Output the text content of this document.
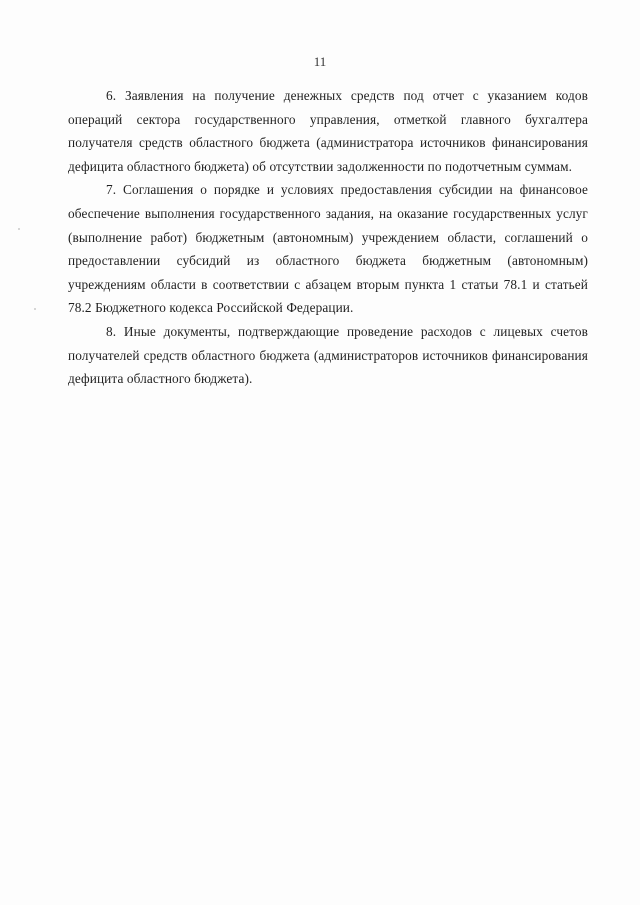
11

6. Заявления на получение денежных средств под отчет с указанием кодов операций сектора государственного управления, отметкой главного бухгалтера получателя средств областного бюджета (администратора источников финансирования дефицита областного бюджета) об отсутствии задолженности по подотчетным суммам.

7. Соглашения о порядке и условиях предоставления субсидии на финансовое обеспечение выполнения государственного задания, на оказание государственных услуг (выполнение работ) бюджетным (автономным) учреждением области, соглашений о предоставлении субсидий из областного бюджета бюджетным (автономным) учреждениям области в соответствии с абзацем вторым пункта 1 статьи 78.1 и статьей 78.2 Бюджетного кодекса Российской Федерации.

8. Иные документы, подтверждающие проведение расходов с лицевых счетов получателей средств областного бюджета (администраторов источников финансирования дефицита областного бюджета).
